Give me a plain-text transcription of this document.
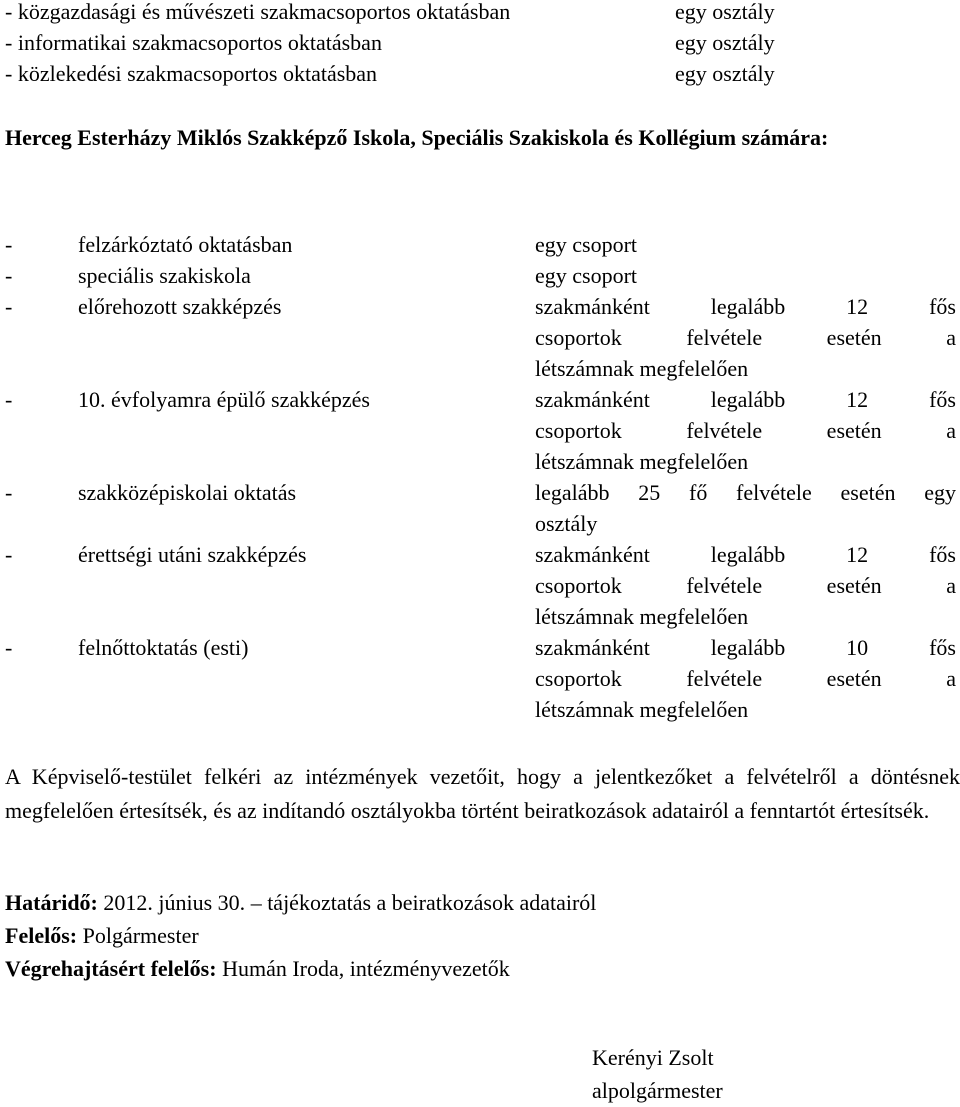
- közgazdasági és művészeti szakmacsoportos oktatásban	egy osztály
- informatikai szakmacsoportos oktatásban	egy osztály
- közlekedési szakmacsoportos oktatásban	egy osztály
Herceg Esterházy Miklós Szakképző Iskola, Speciális Szakiskola és Kollégium számára:
-	felzárkóztató oktatásban	egy csoport
-	speciális szakiskola	egy csoport
-	előrehozott szakképzés	szakmánként legalább 12 fős
csoportok felvétele esetén a
létszámnak megfelelően
-	10. évfolyamra épülő szakképzés	szakmánként legalább 12 fős
csoportok felvétele esetén a
létszámnak megfelelően
-	szakközépiskolai oktatás	legalább 25 fő felvétele esetén egy
osztály
-	érettségi utáni szakképzés	szakmánként legalább 12 fős
csoportok felvétele esetén a
létszámnak megfelelően
-	felnőttoktatás (esti)	szakmánként legalább 10 fős
csoportok felvétele esetén a
létszámnak megfelelően
A Képviselő-testület felkéri az intézmények vezetőit, hogy a jelentkezőket a felvételről a döntésnek megfelelően értesítsék, és az indítandó osztályokba történt beiratkozások adatairól a fenntartót értesítsék.
Határidő: 2012. június 30. – tájékoztatás a beiratkozások adatairól
Felelős: Polgármester
Végrehajtásért felelős: Humán Iroda, intézményvezetők
Kerényi Zsolt
alpolgármester
